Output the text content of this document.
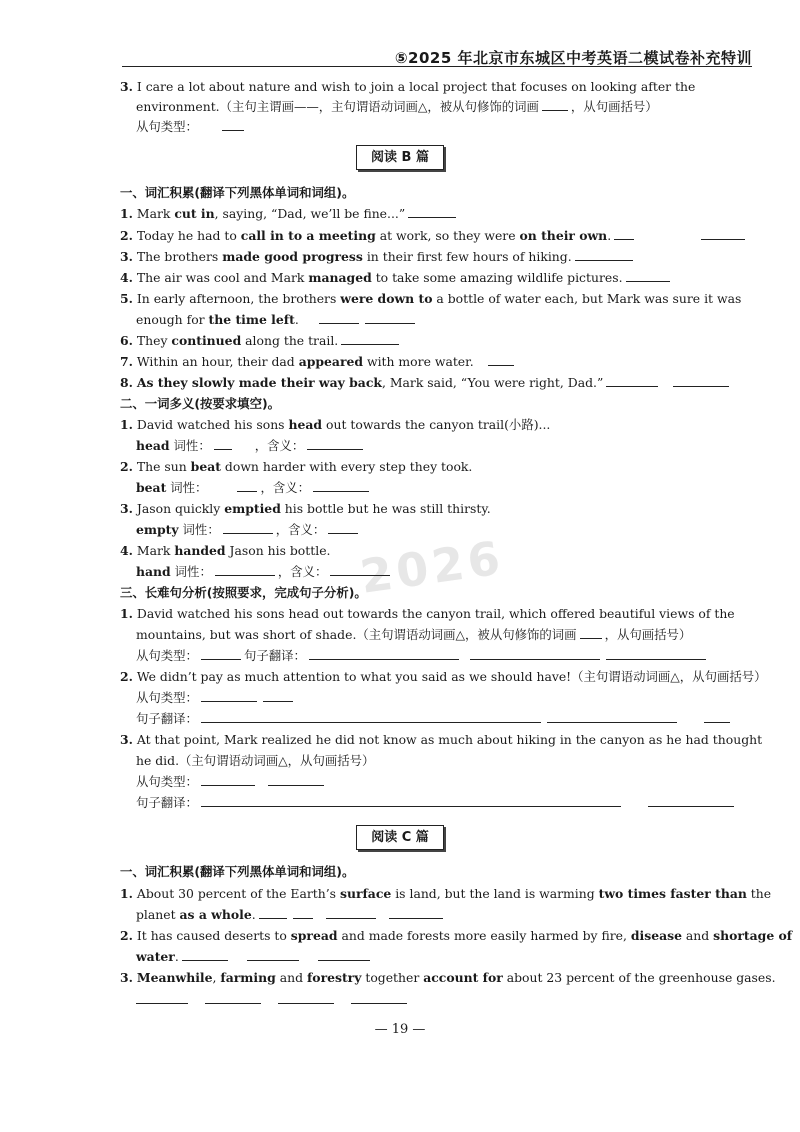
⑤2025 年北京市东城区中考英语二模试卷补充特训
2026
3. I care a lot about nature and wish to join a local project that focuses on looking after the
environment.（主句主谓画——，主句谓语动词画△，被从句修饰的词画	，从句画括号）
从句类型：
阅读 B 篇
一、词汇积累(翻译下列黑体单词和词组)。
1. Mark cut in, saying, “Dad, we’ll be fine...”
2. Today he had to call in to a meeting at work, so they were on their own.
3. The brothers made good progress in their first few hours of hiking.
4. The air was cool and Mark managed to take some amazing wildlife pictures.
5. In early afternoon, the brothers were down to a bottle of water each, but Mark was sure it was
enough for the time left.
6. They continued along the trail.
7. Within an hour, their dad appeared with more water.
8. As they slowly made their way back, Mark said, “You were right, Dad.”
二、一词多义(按要求填空)。
1. David watched his sons head out towards the canyon trail(小路)...
head 词性：	，含义：
2. The sun beat down harder with every step they took.
beat 词性：	，含义：
3. Jason quickly emptied his bottle but he was still thirsty.
empty 词性：	，含义：
4. Mark handed Jason his bottle.
hand 词性：	，含义：
三、长难句分析(按照要求，完成句子分析)。
1. David watched his sons head out towards the canyon trail, which offered beautiful views of the
mountains, but was short of shade.（主句谓语动词画△，被从句修饰的词画 ，从句画括号）
从句类型：	句子翻译：
2. We didn’t pay as much attention to what you said as we should have!（主句谓语动词画△，从句画括号）
从句类型：
句子翻译：
3. At that point, Mark realized he did not know as much about hiking in the canyon as he had thought
he did.（主句谓语动词画△，从句画括号）
从句类型：
句子翻译：
阅读 C 篇
一、词汇积累(翻译下列黑体单词和词组)。
1. About 30 percent of the Earth’s surface is land, but the land is warming two times faster than the
planet as a whole.
2. It has caused deserts to spread and made forests more easily harmed by fire, disease and shortage of
water.
3. Meanwhile, farming and forestry together account for about 23 percent of the greenhouse gases.
— 19 —
